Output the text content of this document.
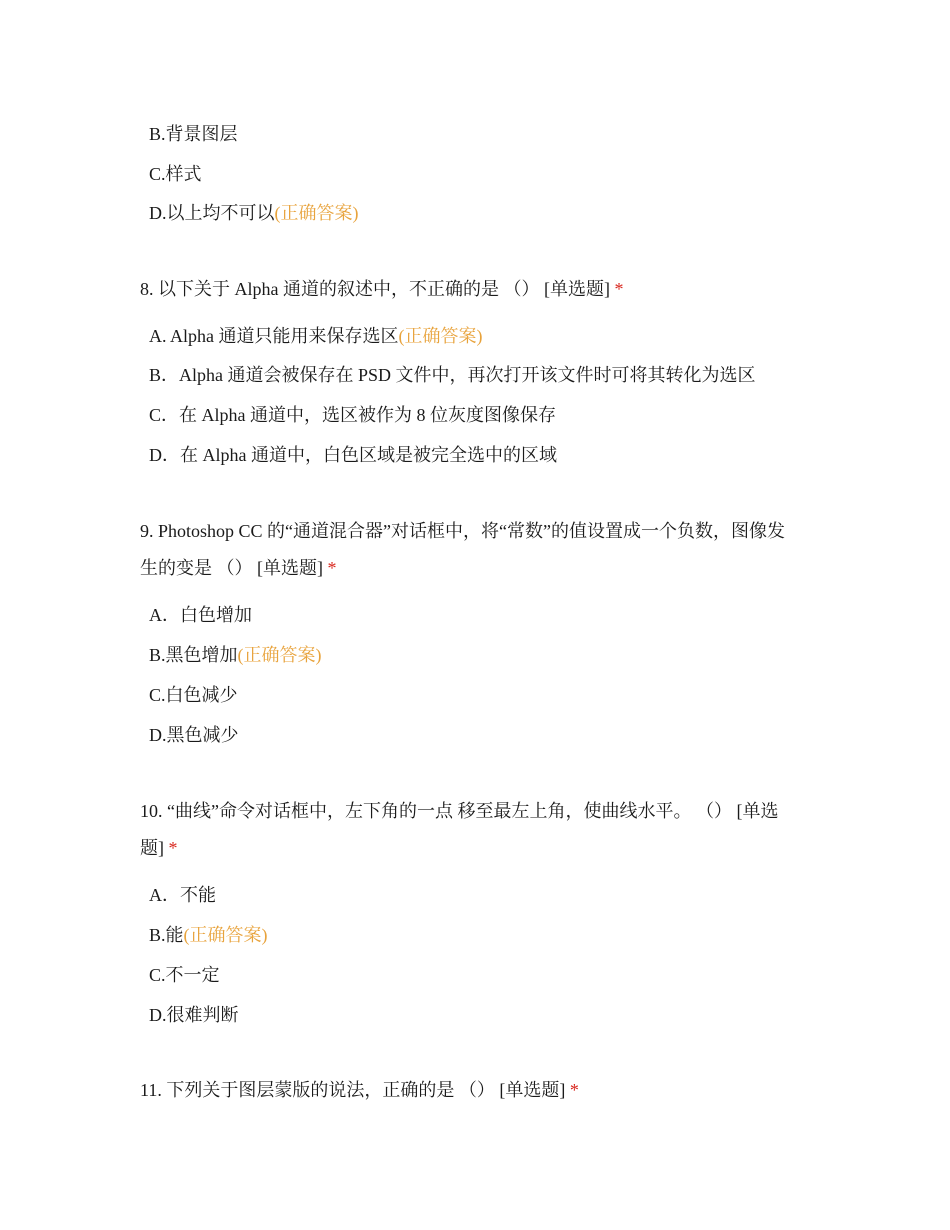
B.背景图层
C.样式
D.以上均不可以(正确答案)
8. 以下关于 Alpha 通道的叙述中，不正确的是 （） [单选题] *
A. Alpha 通道只能用来保存选区(正确答案)
B．Alpha 通道会被保存在 PSD 文件中，再次打开该文件时可将其转化为选区
C．在 Alpha 通道中，选区被作为 8 位灰度图像保存
D．在 Alpha 通道中，白色区域是被完全选中的区域
9. Photoshop CC 的“通道混合器”对话框中，将“常数”的值设置成一个负数，图像发
生的变是 （） [单选题] *
A．白色增加
B.黑色增加(正确答案)
C.白色减少
D.黑色减少
10. “曲线”命令对话框中，左下角的一点 移至最左上角，使曲线水平。 （） [单选
题] *
A．不能
B.能(正确答案)
C.不一定
D.很难判断
11. 下列关于图层蒙版的说法，正确的是 （） [单选题] *
